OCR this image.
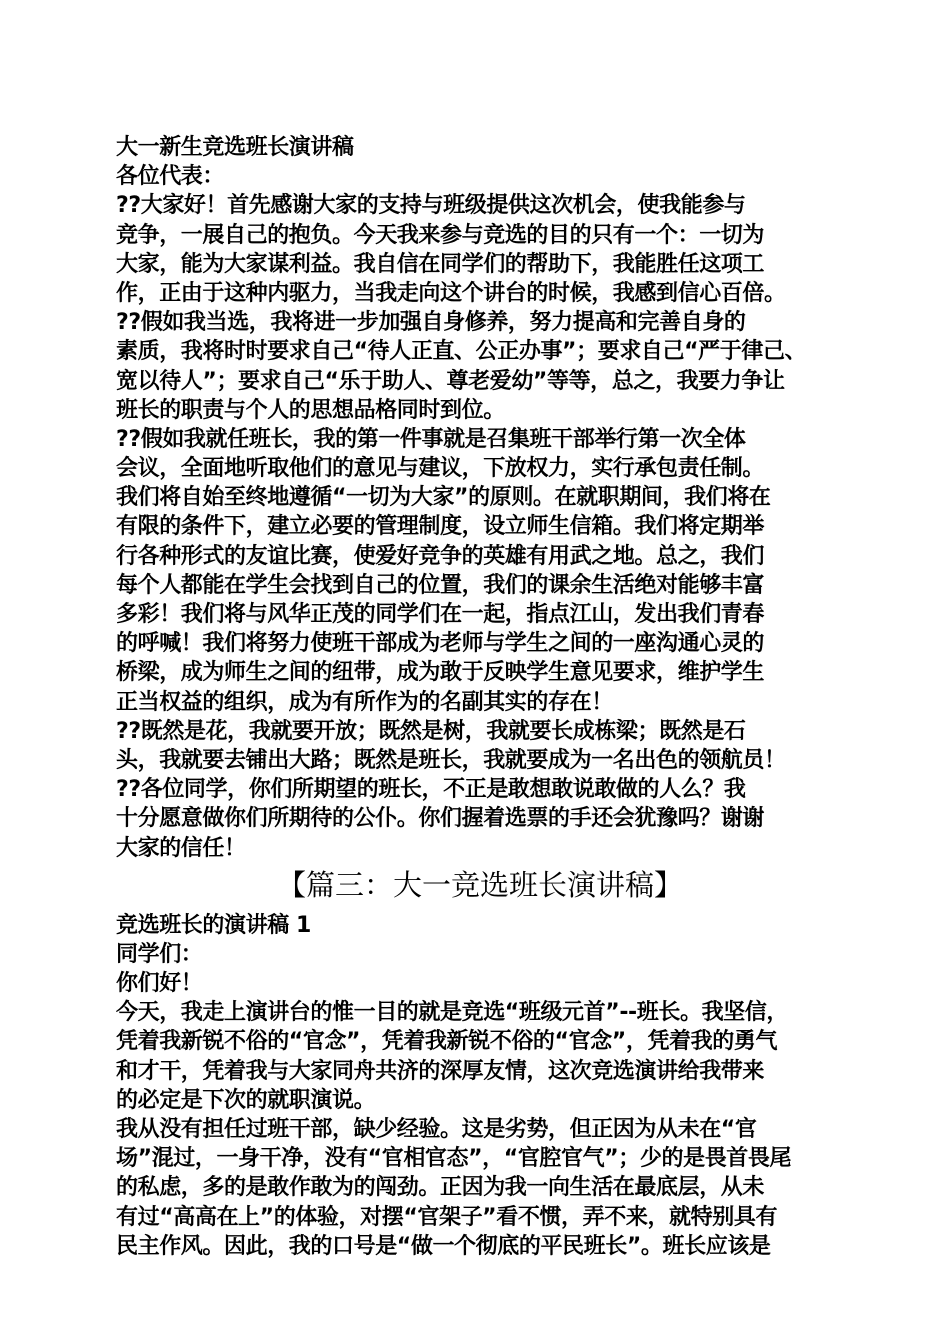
大一新生竞选班长演讲稿
各位代表：
??大家好！首先感谢大家的支持与班级提供这次机会，使我能参与
竞争，一展自己的抱负。今天我来参与竞选的目的只有一个：一切为
大家，能为大家谋利益。我自信在同学们的帮助下，我能胜任这项工
作，正由于这种内驱力，当我走向这个讲台的时候，我感到信心百倍。
??假如我当选，我将进一步加强自身修养，努力提高和完善自身的
素质，我将时时要求自己“待人正直、公正办事”；要求自己“严于律己、
宽以待人”；要求自己“乐于助人、尊老爱幼”等等，总之，我要力争让
班长的职责与个人的思想品格同时到位。
??假如我就任班长，我的第一件事就是召集班干部举行第一次全体
会议，全面地听取他们的意见与建议，下放权力，实行承包责任制。
我们将自始至终地遵循“一切为大家”的原则。在就职期间，我们将在
有限的条件下，建立必要的管理制度，设立师生信箱。我们将定期举
行各种形式的友谊比赛，使爱好竞争的英雄有用武之地。总之，我们
每个人都能在学生会找到自己的位置，我们的课余生活绝对能够丰富
多彩！我们将与风华正茂的同学们在一起，指点江山，发出我们青春
的呼喊！我们将努力使班干部成为老师与学生之间的一座沟通心灵的
桥梁，成为师生之间的纽带，成为敢于反映学生意见要求，维护学生
正当权益的组织，成为有所作为的名副其实的存在！
??既然是花，我就要开放；既然是树，我就要长成栋梁；既然是石
头，我就要去铺出大路；既然是班长，我就要成为一名出色的领航员！
??各位同学，你们所期望的班长，不正是敢想敢说敢做的人么？我
十分愿意做你们所期待的公仆。你们握着选票的手还会犹豫吗？谢谢
大家的信任！
【篇三：大一竞选班长演讲稿】
竞选班长的演讲稿 1
同学们：
你们好！
今天，我走上演讲台的惟一目的就是竞选“班级元首”--班长。我坚信，
凭着我新锐不俗的“官念”，凭着我新锐不俗的“官念”，凭着我的勇气
和才干，凭着我与大家同舟共济的深厚友情，这次竞选演讲给我带来
的必定是下次的就职演说。
我从没有担任过班干部，缺少经验。这是劣势，但正因为从未在“官
场”混过，一身干净，没有“官相官态”，“官腔官气”；少的是畏首畏尾
的私虑，多的是敢作敢为的闯劲。正因为我一向生活在最底层，从未
有过“高高在上”的体验，对摆“官架子”看不惯，弄不来，就特别具有
民主作风。因此，我的口号是“做一个彻底的平民班长”。班长应该是
